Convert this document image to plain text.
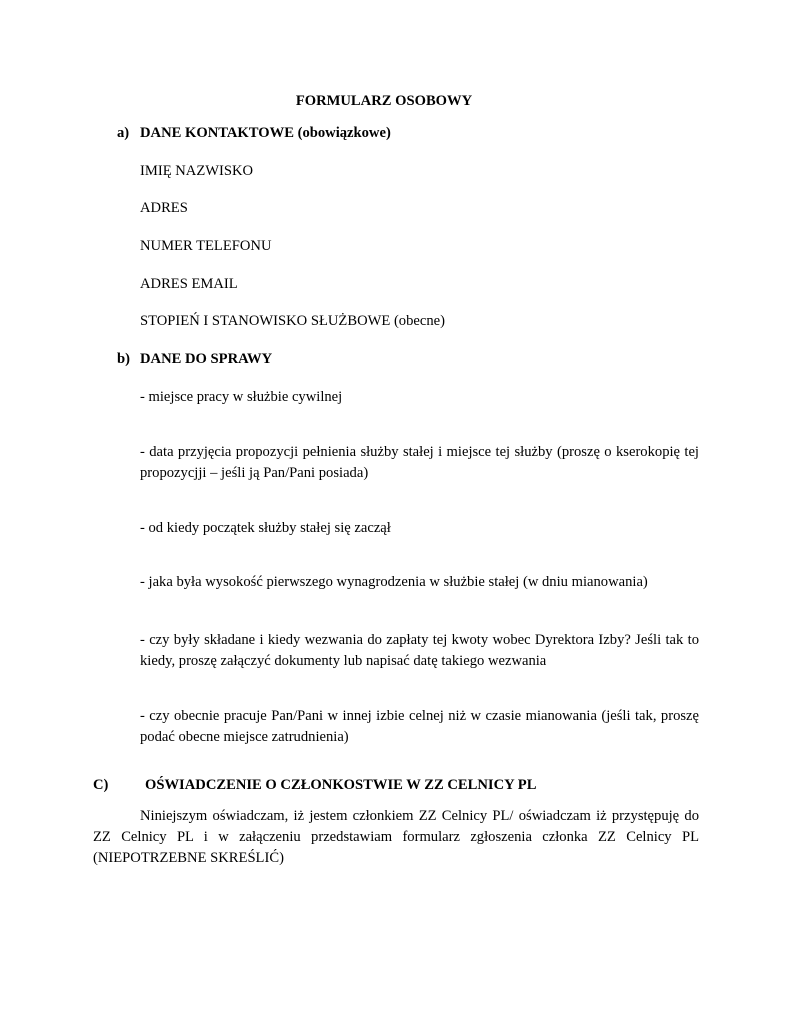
FORMULARZ OSOBOWY
a) DANE KONTAKTOWE (obowiązkowe)
IMIĘ NAZWISKO
ADRES
NUMER TELEFONU
ADRES EMAIL
STOPIEŃ I STANOWISKO SŁUŻBOWE (obecne)
b) DANE DO SPRAWY
- miejsce pracy w służbie cywilnej
- data przyjęcia propozycji pełnienia służby stałej i miejsce tej służby (proszę o kserokopię tej propozycjji – jeśli ją Pan/Pani posiada)
- od kiedy początek służby stałej się zaczął
- jaka była wysokość pierwszego wynagrodzenia w służbie stałej (w dniu mianowania)
- czy były składane i kiedy wezwania do zapłaty tej kwoty wobec Dyrektora Izby? Jeśli tak to kiedy, proszę załączyć dokumenty lub napisać datę takiego wezwania
- czy obecnie pracuje Pan/Pani w innej izbie celnej niż w czasie mianowania (jeśli tak, proszę podać obecne miejsce zatrudnienia)
C)	OŚWIADCZENIE O CZŁONKOSTWIE W ZZ CELNICY PL
Niniejszym oświadczam, iż jestem członkiem ZZ Celnicy PL/ oświadczam iż przystępuję do ZZ Celnicy PL i w załączeniu przedstawiam formularz zgłoszenia członka ZZ Celnicy PL (NIEPOTRZEBNE SKREŚLIĆ)
